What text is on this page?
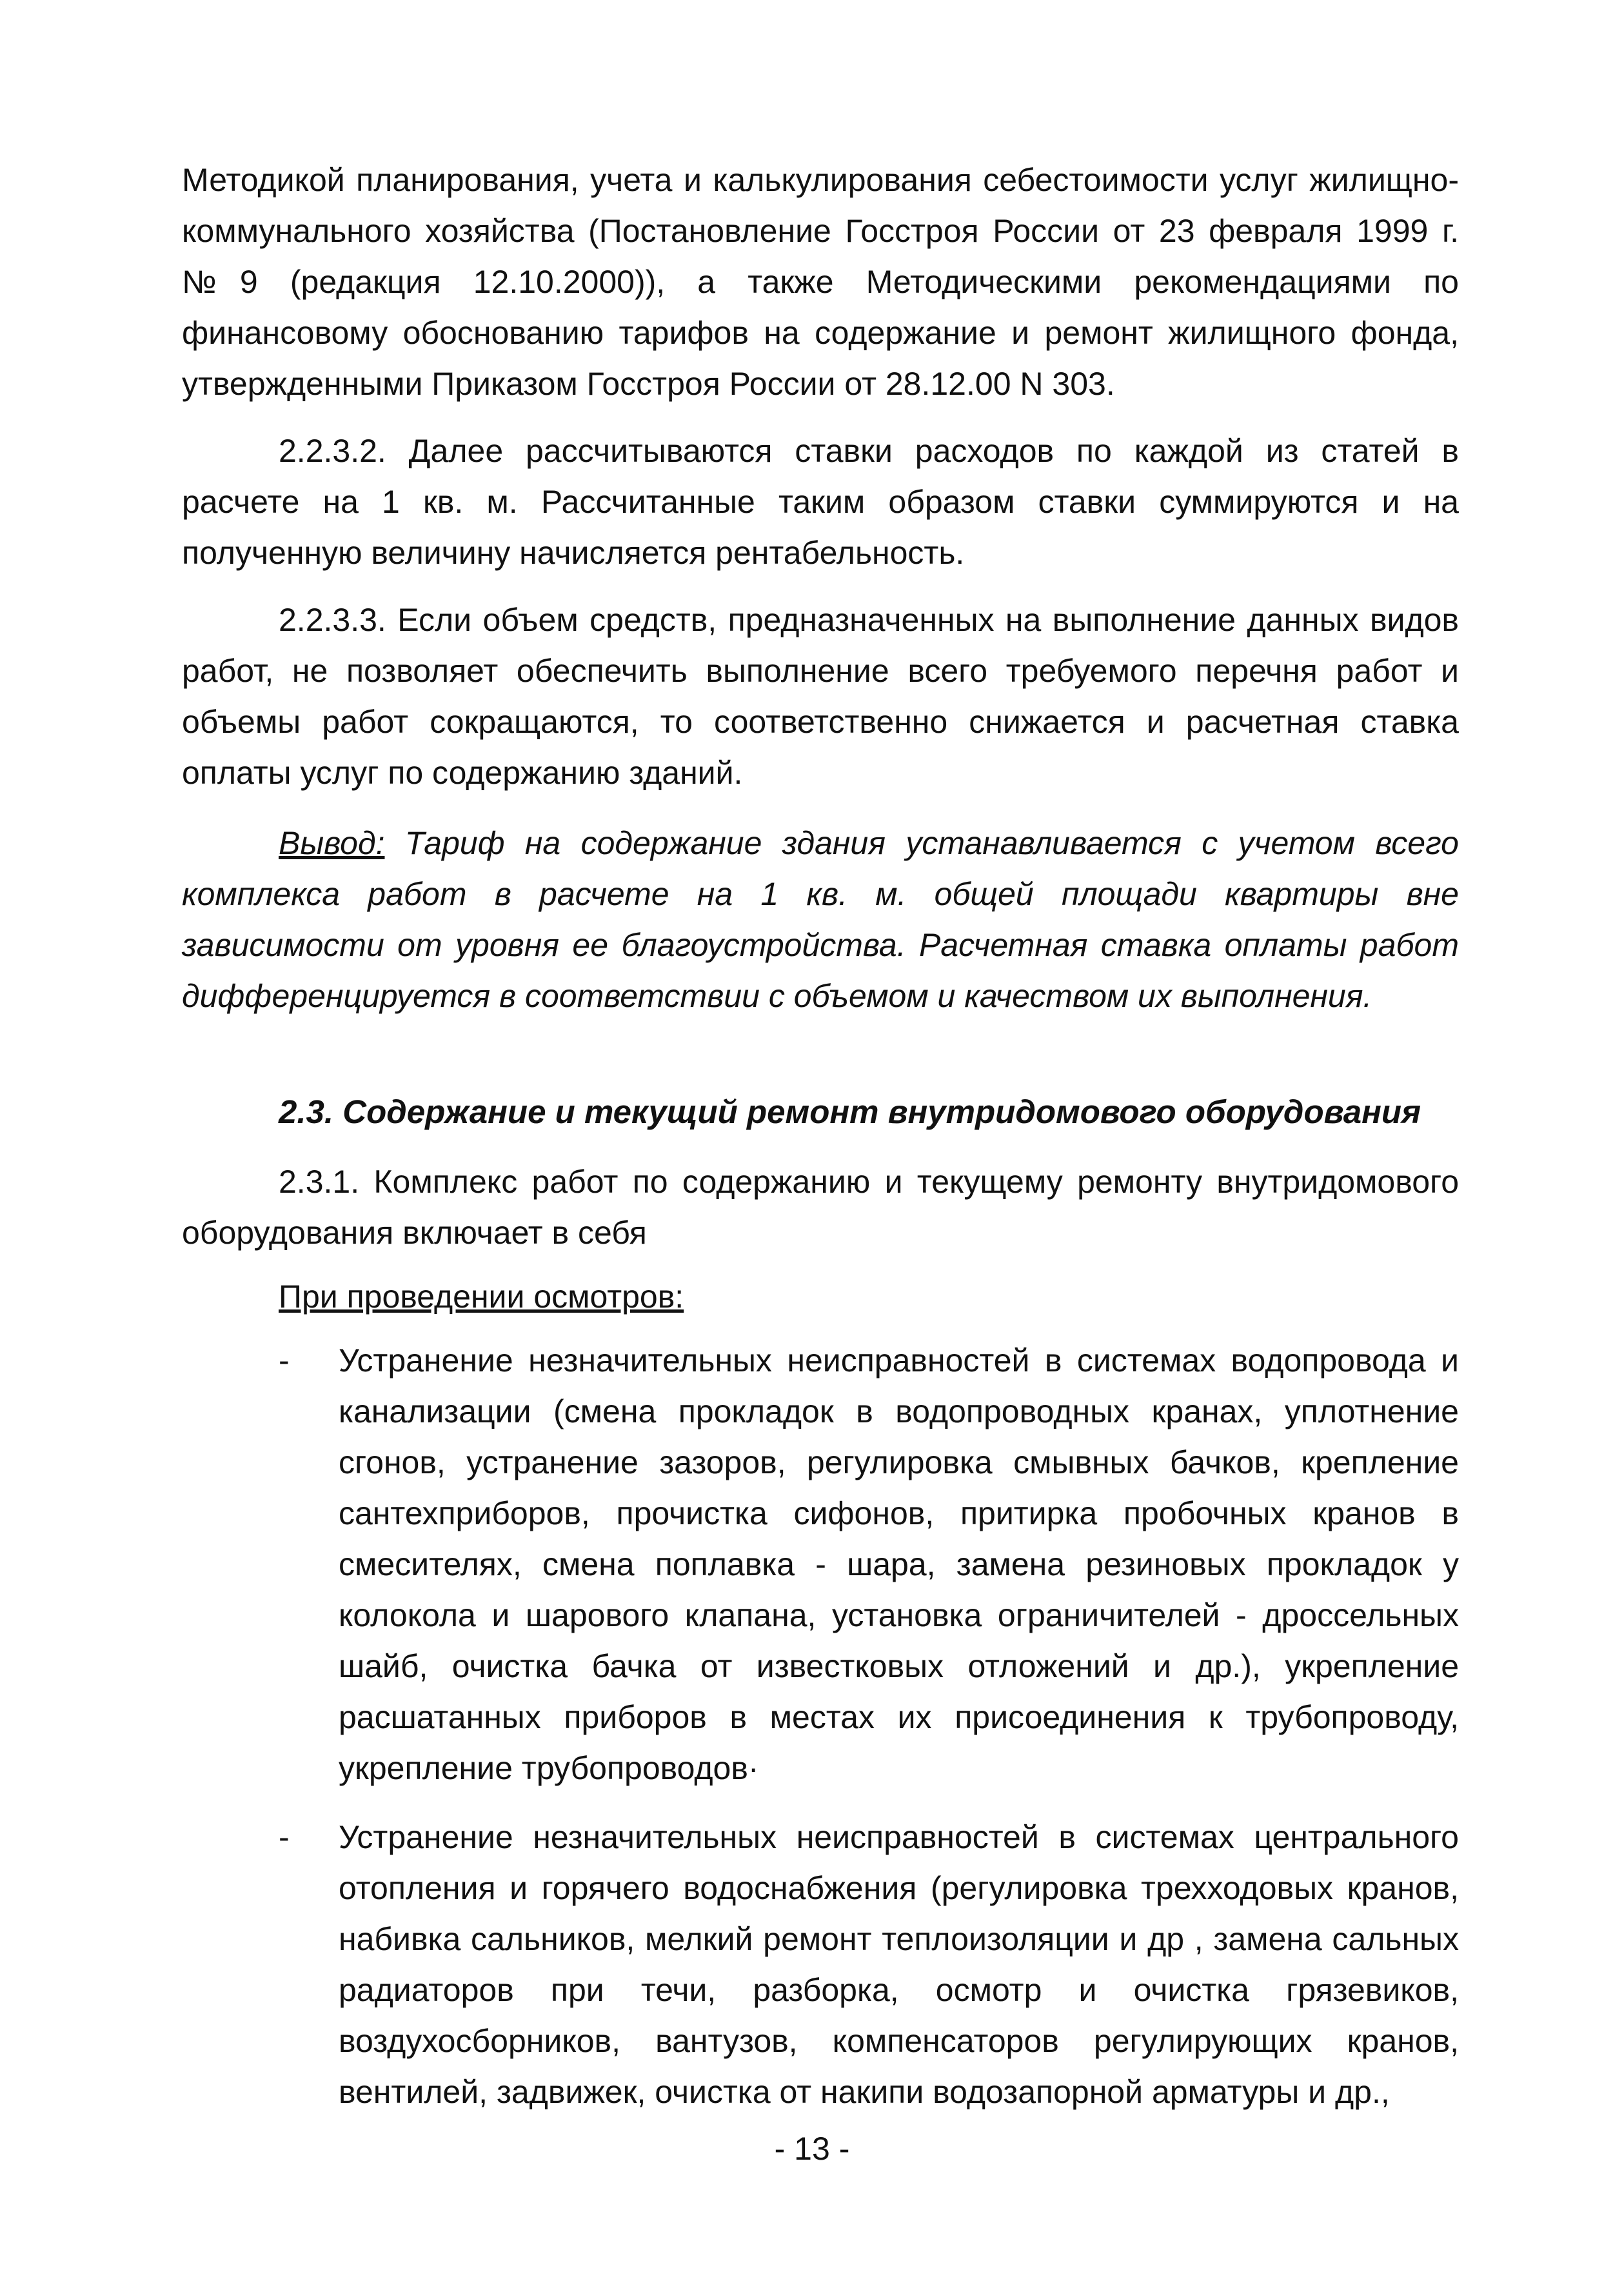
Методикой планирования, учета и калькулирования себестоимости услуг жилищно-коммунального хозяйства (Постановление Госстроя России от 23 февраля 1999 г. №9 (редакция 12.10.2000)), а также Методическими рекомендациями по финансовому обоснованию тарифов на содержание и ремонт жилищного фонда, утвержденными Приказом Госстроя России от 28.12.00 N 303.

2.2.3.2. Далее рассчитываются ставки расходов по каждой из статей в расчете на 1 кв. м. Рассчитанные таким образом ставки суммируются и на полученную величину начисляется рентабельность.

2.2.3.3. Если объем средств, предназначенных на выполнение данных видов работ, не позволяет обеспечить выполнение всего требуемого перечня работ и объемы работ сокращаются, то соответственно снижается и расчетная ставка оплаты услуг по содержанию зданий.

Вывод: Тариф на содержание здания устанавливается с учетом всего комплекса работ в расчете на 1 кв. м. общей площади квартиры вне зависимости от уровня ее благоустройства. Расчетная ставка оплаты работ дифференцируется в соответствии с объемом и качеством их выполнения.

2.3. Содержание и текущий ремонт внутридомового оборудования

2.3.1. Комплекс работ по содержанию и текущему ремонту внутридомового оборудования включает в себя

При проведении осмотров:
- Устранение незначительных неисправностей в системах водопровода и канализации (смена прокладок в водопроводных кранах, уплотнение сгонов, устранение зазоров, регулировка смывных бачков, крепление сантехприборов, прочистка сифонов, притирка пробочных кранов в смесителях, смена поплавка - шара, замена резиновых прокладок у колокола и шарового клапана, установка ограничителей - дроссельных шайб, очистка бачка от известковых отложений и др.), укрепление расшатанных приборов в местах их присоединения к трубопроводу, укрепление трубопроводов·
- Устранение незначительных неисправностей в системах центрального отопления и горячего водоснабжения (регулировка трехходовых кранов, набивка сальников, мелкий ремонт теплоизоляции и др , замена сальных радиаторов при течи, разборка, осмотр и очистка грязевиков, воздухосборников, вантузов, компенсаторов регулирующих кранов, вентилей, задвижек, очистка от накипи водозапорной арматуры и др.,
- 13 -
